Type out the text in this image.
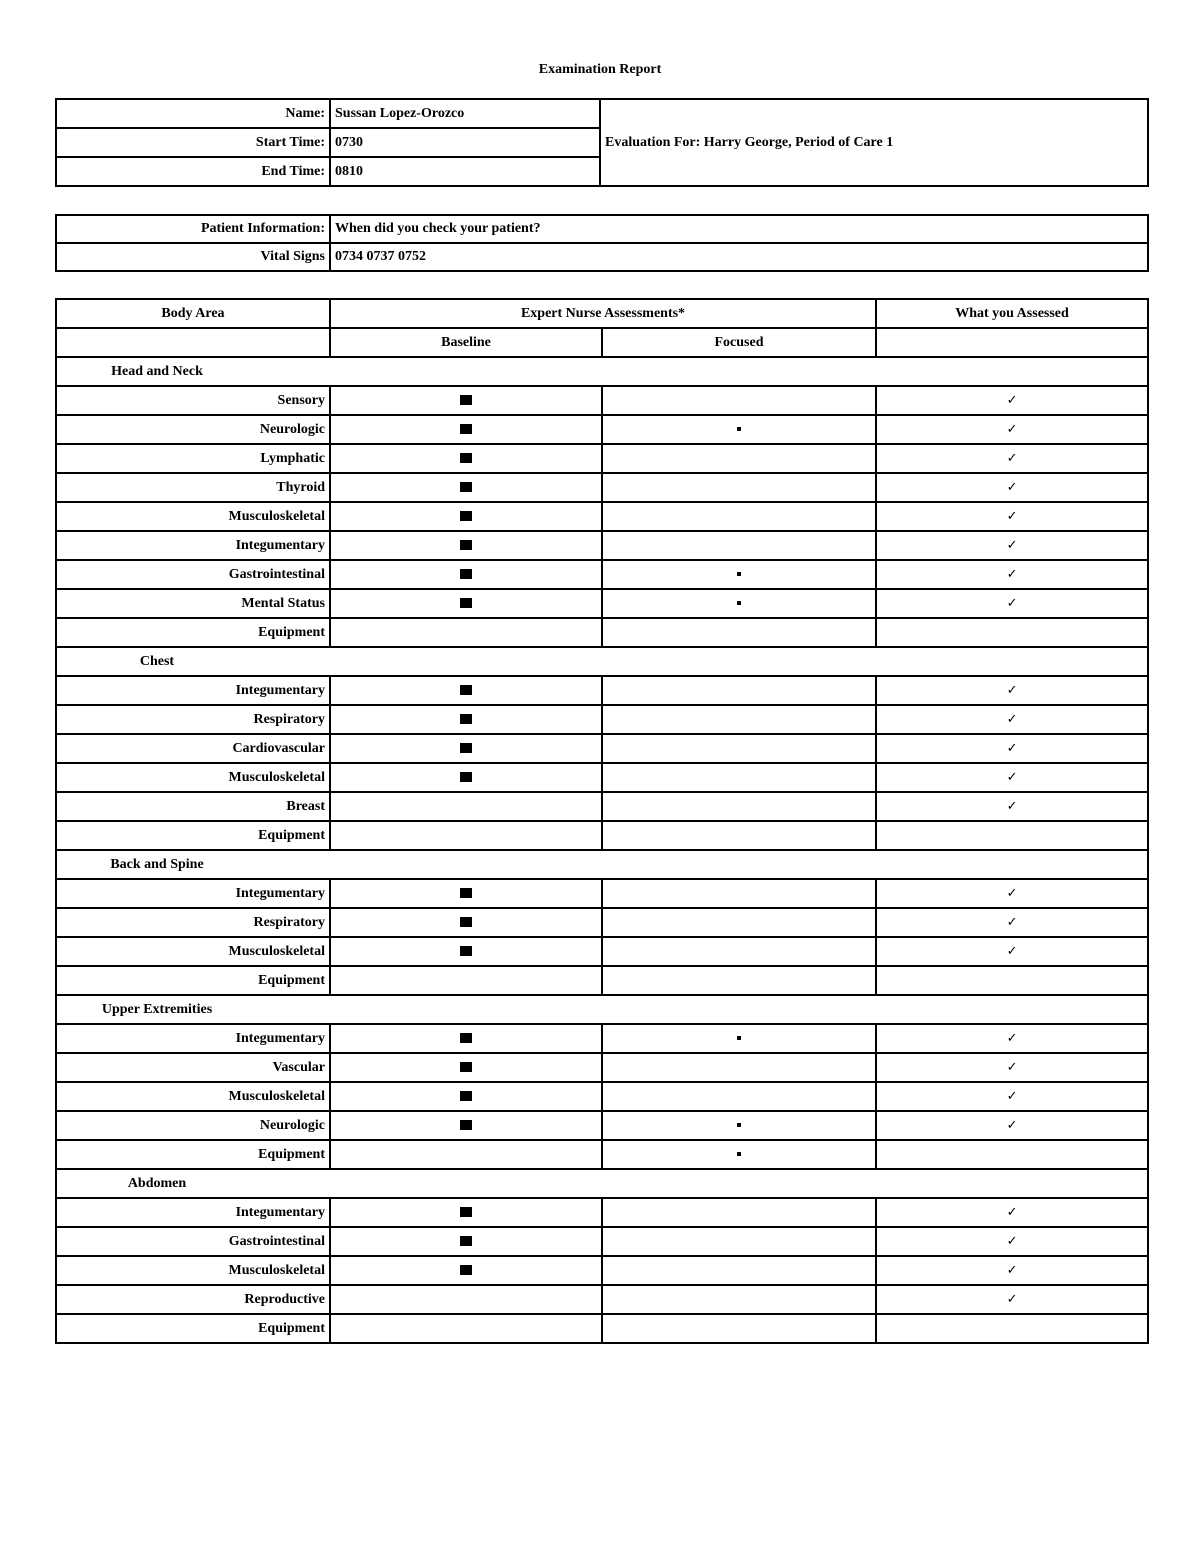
Examination Report
Name:	Sussan Lopez-Orozco	Evaluation For: Harry George, Period of Care 1
Start Time:	0730	
End Time:	0810	
Patient Information:	When did you check your patient?
Vital Signs	0734 0737 0752
Body Area	Expert Nurse Assessments*		What you Assessed
	Baseline	Focused	
Head and Neck			
Sensory			✓
Neurologic			✓
Lymphatic			✓
Thyroid			✓
Musculoskeletal			✓
Integumentary			✓
Gastrointestinal			✓
Mental Status			✓
Equipment			
Chest			
Integumentary			✓
Respiratory			✓
Cardiovascular			✓
Musculoskeletal			✓
Breast			✓
Equipment			
Back and Spine			
Integumentary			✓
Respiratory			✓
Musculoskeletal			✓
Equipment			
Upper Extremities			
Integumentary			✓
Vascular			✓
Musculoskeletal			✓
Neurologic			✓
Equipment			
Abdomen			
Integumentary			✓
Gastrointestinal			✓
Musculoskeletal			✓
Reproductive			✓
Equipment			
